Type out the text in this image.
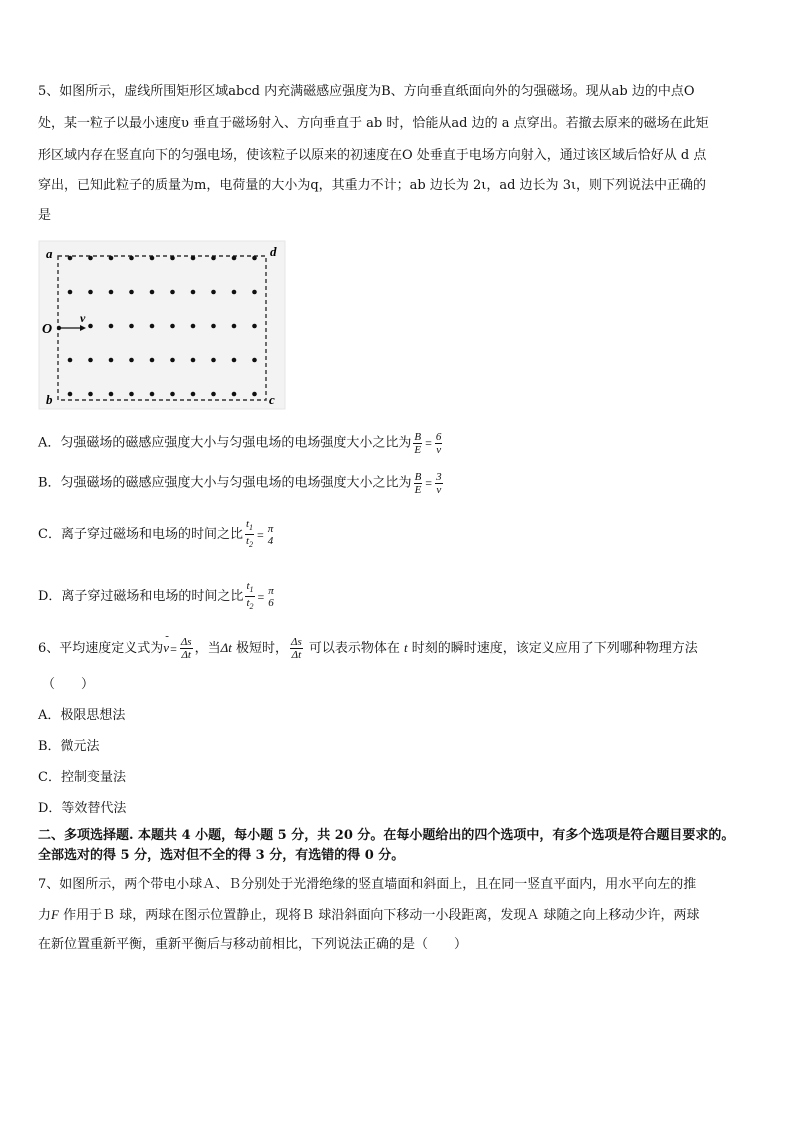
5、如图所示，虚线所围矩形区域abcd 内充满磁感应强度为B、方向垂直纸面向外的匀强磁场。现从ab 边的中点O
处，某一粒子以最小速度υ 垂直于磁场射入、方向垂直于 ab 时，恰能从ad 边的 a 点穿出。若撤去原来的磁场在此矩
形区域内存在竖直向下的匀强电场，使该粒子以原来的初速度在O 处垂直于电场方向射入，通过该区域后恰好从 d 点
穿出，已知此粒子的质量为m，电荷量的大小为q，其重力不计；ab 边长为 2ι，ad 边长为 3ι，则下列说法中正确的
是
a	d
b	c
O
v
A．匀强磁场的磁感应强度大小与匀强电场的电场强度大小之比为 $\frac{B}{E} = \frac{6}{v}$
B．匀强磁场的磁感应强度大小与匀强电场的电场强度大小之比为 $\frac{B}{E} = \frac{3}{v}$
C．离子穿过磁场和电场的时间之比 $\frac{t_1}{t_2} = \pi$
4
D．离子穿过磁场和电场的时间之比 $\frac{t_1}{t_2} = \pi$
6
6、平均速度定义式为
-
$v= \frac{\Delta s}{\Delta t}$ ，当Δt 极短时， $\frac{\Delta s}{\Delta t}$ 可以表示物体在 t 时刻的瞬时速度，该定义应用了下列哪种物理方法
（　　）
A．极限思想法
B．微元法
C．控制变量法
D．等效替代法
二、多项选择题. 本题共 4 小题，每小题 5 分，共 20 分。在每小题给出的四个选项中，有多个选项是符合题目要求的。
全部选对的得 5 分，选对但不全的得 3 分，有选错的得 0 分。
7、如图所示，两个带电小球Ａ、Ｂ分别处于光滑绝缘的竖直墙面和斜面上，且在同一竖直平面内，用水平向左的推
力F 作用于Ｂ 球，两球在图示位置静止，现将Ｂ 球沿斜面向下移动一小段距离，发现Ａ 球随之向上移动少许，两球
在新位置重新平衡，重新平衡后与移动前相比，下列说法正确的是（　　）
